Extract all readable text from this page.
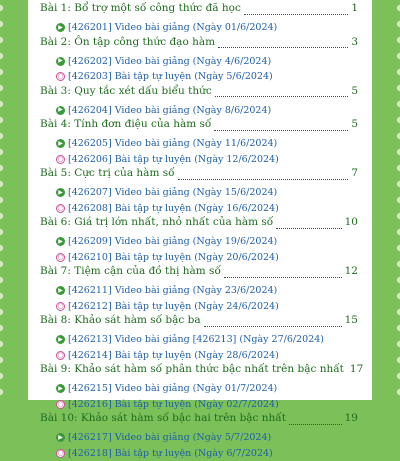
Bài 1: Bổ trợ một số công thức đã học	1
▶ [426201] Video bài giảng (Ngày 01/6/2024)
Bài 2: Ôn tập công thức đạo hàm	3
▶ [426202] Video bài giảng (Ngày 4/6/2024)
○ [426203] Bài tập tự luyện (Ngày 5/6/2024)
Bài 3: Quy tắc xét dấu biểu thức	5
▶ [426204] Video bài giảng (Ngày 8/6/2024)
Bài 4: Tính đơn điệu của hàm số	5
▶ [426205] Video bài giảng (Ngày 11/6/2024)
○ [426206] Bài tập tự luyện (Ngày 12/6/2024)
Bài 5: Cực trị của hàm số	7
▶ [426207] Video bài giảng (Ngày 15/6/2024)
○ [426208] Bài tập tự luyện (Ngày 16/6/2024)
Bài 6: Giá trị lớn nhất, nhỏ nhất của hàm số	10
▶ [426209] Video bài giảng (Ngày 19/6/2024)
○ [426210] Bài tập tự luyện (Ngày 20/6/2024)
Bài 7: Tiệm cận của đồ thị hàm số	12
▶ [426211] Video bài giảng (Ngày 23/6/2024)
○ [426212] Bài tập tự luyện (Ngày 24/6/2024)
Bài 8: Khảo sát hàm số bậc ba	15
▶ [426213] Video bài giảng [426213] (Ngày 27/6/2024)
○ [426214] Bài tập tự luyện (Ngày 28/6/2024)
Bài 9: Khảo sát hàm số phân thức bậc nhất trên bậc nhất 17
▶ [426215] Video bài giảng (Ngày 01/7/2024)
○ [426216] Bài tập tự luyện (Ngày 02/7/2024)
Bài 10: Khảo sát hàm số bậc hai trên bậc nhất	19
▶ [426217] Video bài giảng (Ngày 5/7/2024)
○ [426218] Bài tập tự luyện (Ngày 6/7/2024)
